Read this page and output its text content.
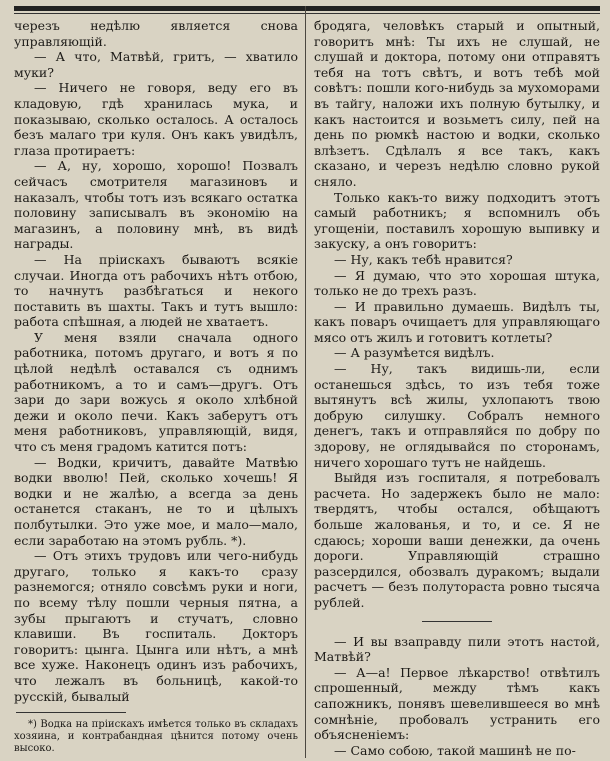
черезъ недѣлю является снова управляющій.

— А что, Матвѣй, гритъ, — хватило муки?

— Ничего не говоря, веду его въ кладовую, гдѣ хранилась мука, и показываю, сколько осталось. А осталось безъ малаго три куля. Онъ какъ увидѣлъ, глаза протираетъ:

— А, ну, хорошо, хорошо! Позвалъ сейчасъ смотрителя магазиновъ и наказалъ, чтобы тотъ изъ всякаго остатка половину записывалъ въ экономію на магазинъ, а половину мнѣ, въ видѣ награды.

— На пріискахъ бываютъ всякіе случаи. Иногда отъ рабочихъ нѣтъ отбою, то начнутъ разбѣгаться и некого поставить въ шахты. Такъ и тутъ вышло: работа спѣшная, а людей не хватаетъ.

У меня взяли сначала одного работника, потомъ другаго, и вотъ я по цѣлой недѣлѣ оставался съ однимъ работникомъ, а то и самъ—другъ. Отъ зари до зари вожусь я около хлѣбной дежи и около печи. Какъ заберутъ отъ меня работниковъ, управляющій, видя, что съ меня градомъ катится потъ:

— Водки, кричитъ, давайте Матвѣю водки вволю! Пей, сколько хочешь! Я водки и не жалѣю, а всегда за день останется стаканъ, не то и цѣлыхъ полбутылки. Это уже мое, и мало—мало, если заработаю на этомъ рубль. *).

— Отъ этихъ трудовъ или чего-нибудь другаго, только я какъ-то сразу разнемогся; отняло совсѣмъ руки и ноги, по всему тѣлу пошли черныя пятна, а зубы прыгаютъ и стучатъ, словно клавиши. Въ госпиталь. Докторъ говоритъ: цынга. Цынга или нѣтъ, а мнѣ все хуже. Наконецъ одинъ изъ рабочихъ, что лежалъ въ больницѣ, какой-то русскій, бывалый

*) Водка на пріискахъ имѣется только въ складахъ хозяина, и контрабандная цѣнится потому очень высоко.

бродяга, человѣкъ старый и опытный, говоритъ мнѣ: Ты ихъ не слушай, не слушай и доктора, потому они отправятъ тебя на тотъ свѣтъ, и вотъ тебѣ мой совѣтъ: пошли кого-нибудь за мухоморами въ тайгу, наложи ихъ полную бутылку, и какъ настоится и возьметъ силу, пей на день по рюмкѣ настою и водки, сколько влѣзетъ. Сдѣлалъ я все такъ, какъ сказано, и черезъ недѣлю словно рукой сняло.

Только какъ-то вижу подходитъ этотъ самый работникъ; я вспомнилъ объ угощеніи, поставилъ хорошую выпивку и закуску, а онъ говоритъ:

— Ну, какъ тебѣ нравится?

— Я думаю, что это хорошая штука, только не до трехъ разъ.

— И правильно думаешь. Видѣлъ ты, какъ поваръ очищаетъ для управляющаго мясо отъ жилъ и готовитъ котлеты?

— А разумѣется видѣлъ.

— Ну, такъ видишь-ли, если останешься здѣсь, то изъ тебя тоже вытянутъ всѣ жилы, ухлопаютъ твою добрую силушку. Собралъ немного денегъ, такъ и отправляйся по добру по здорову, не оглядывайся по сторонамъ, ничего хорошаго тутъ не найдешь.

Выйдя изъ госпиталя, я потребовалъ расчета. Но задержекъ было не мало: твердятъ, чтобы остался, обѣщаютъ больше жалованья, и то, и се. Я не сдаюсь; хороши ваши денежки, да очень дороги. Управляющій страшно разсердился, обозвалъ дуракомъ; выдали расчетъ — безъ полутораста ровно тысяча рублей.

— И вы взаправду пили этотъ настой, Матвѣй?

— А—а! Первое лѣкарство! отвѣтилъ спрошенный, между тѣмъ какъ сапожникъ, понявъ шевелившееся во мнѣ сомнѣніе, пробовалъ устранить его объясненіемъ:

— Само собою, такой машинѣ не по-
